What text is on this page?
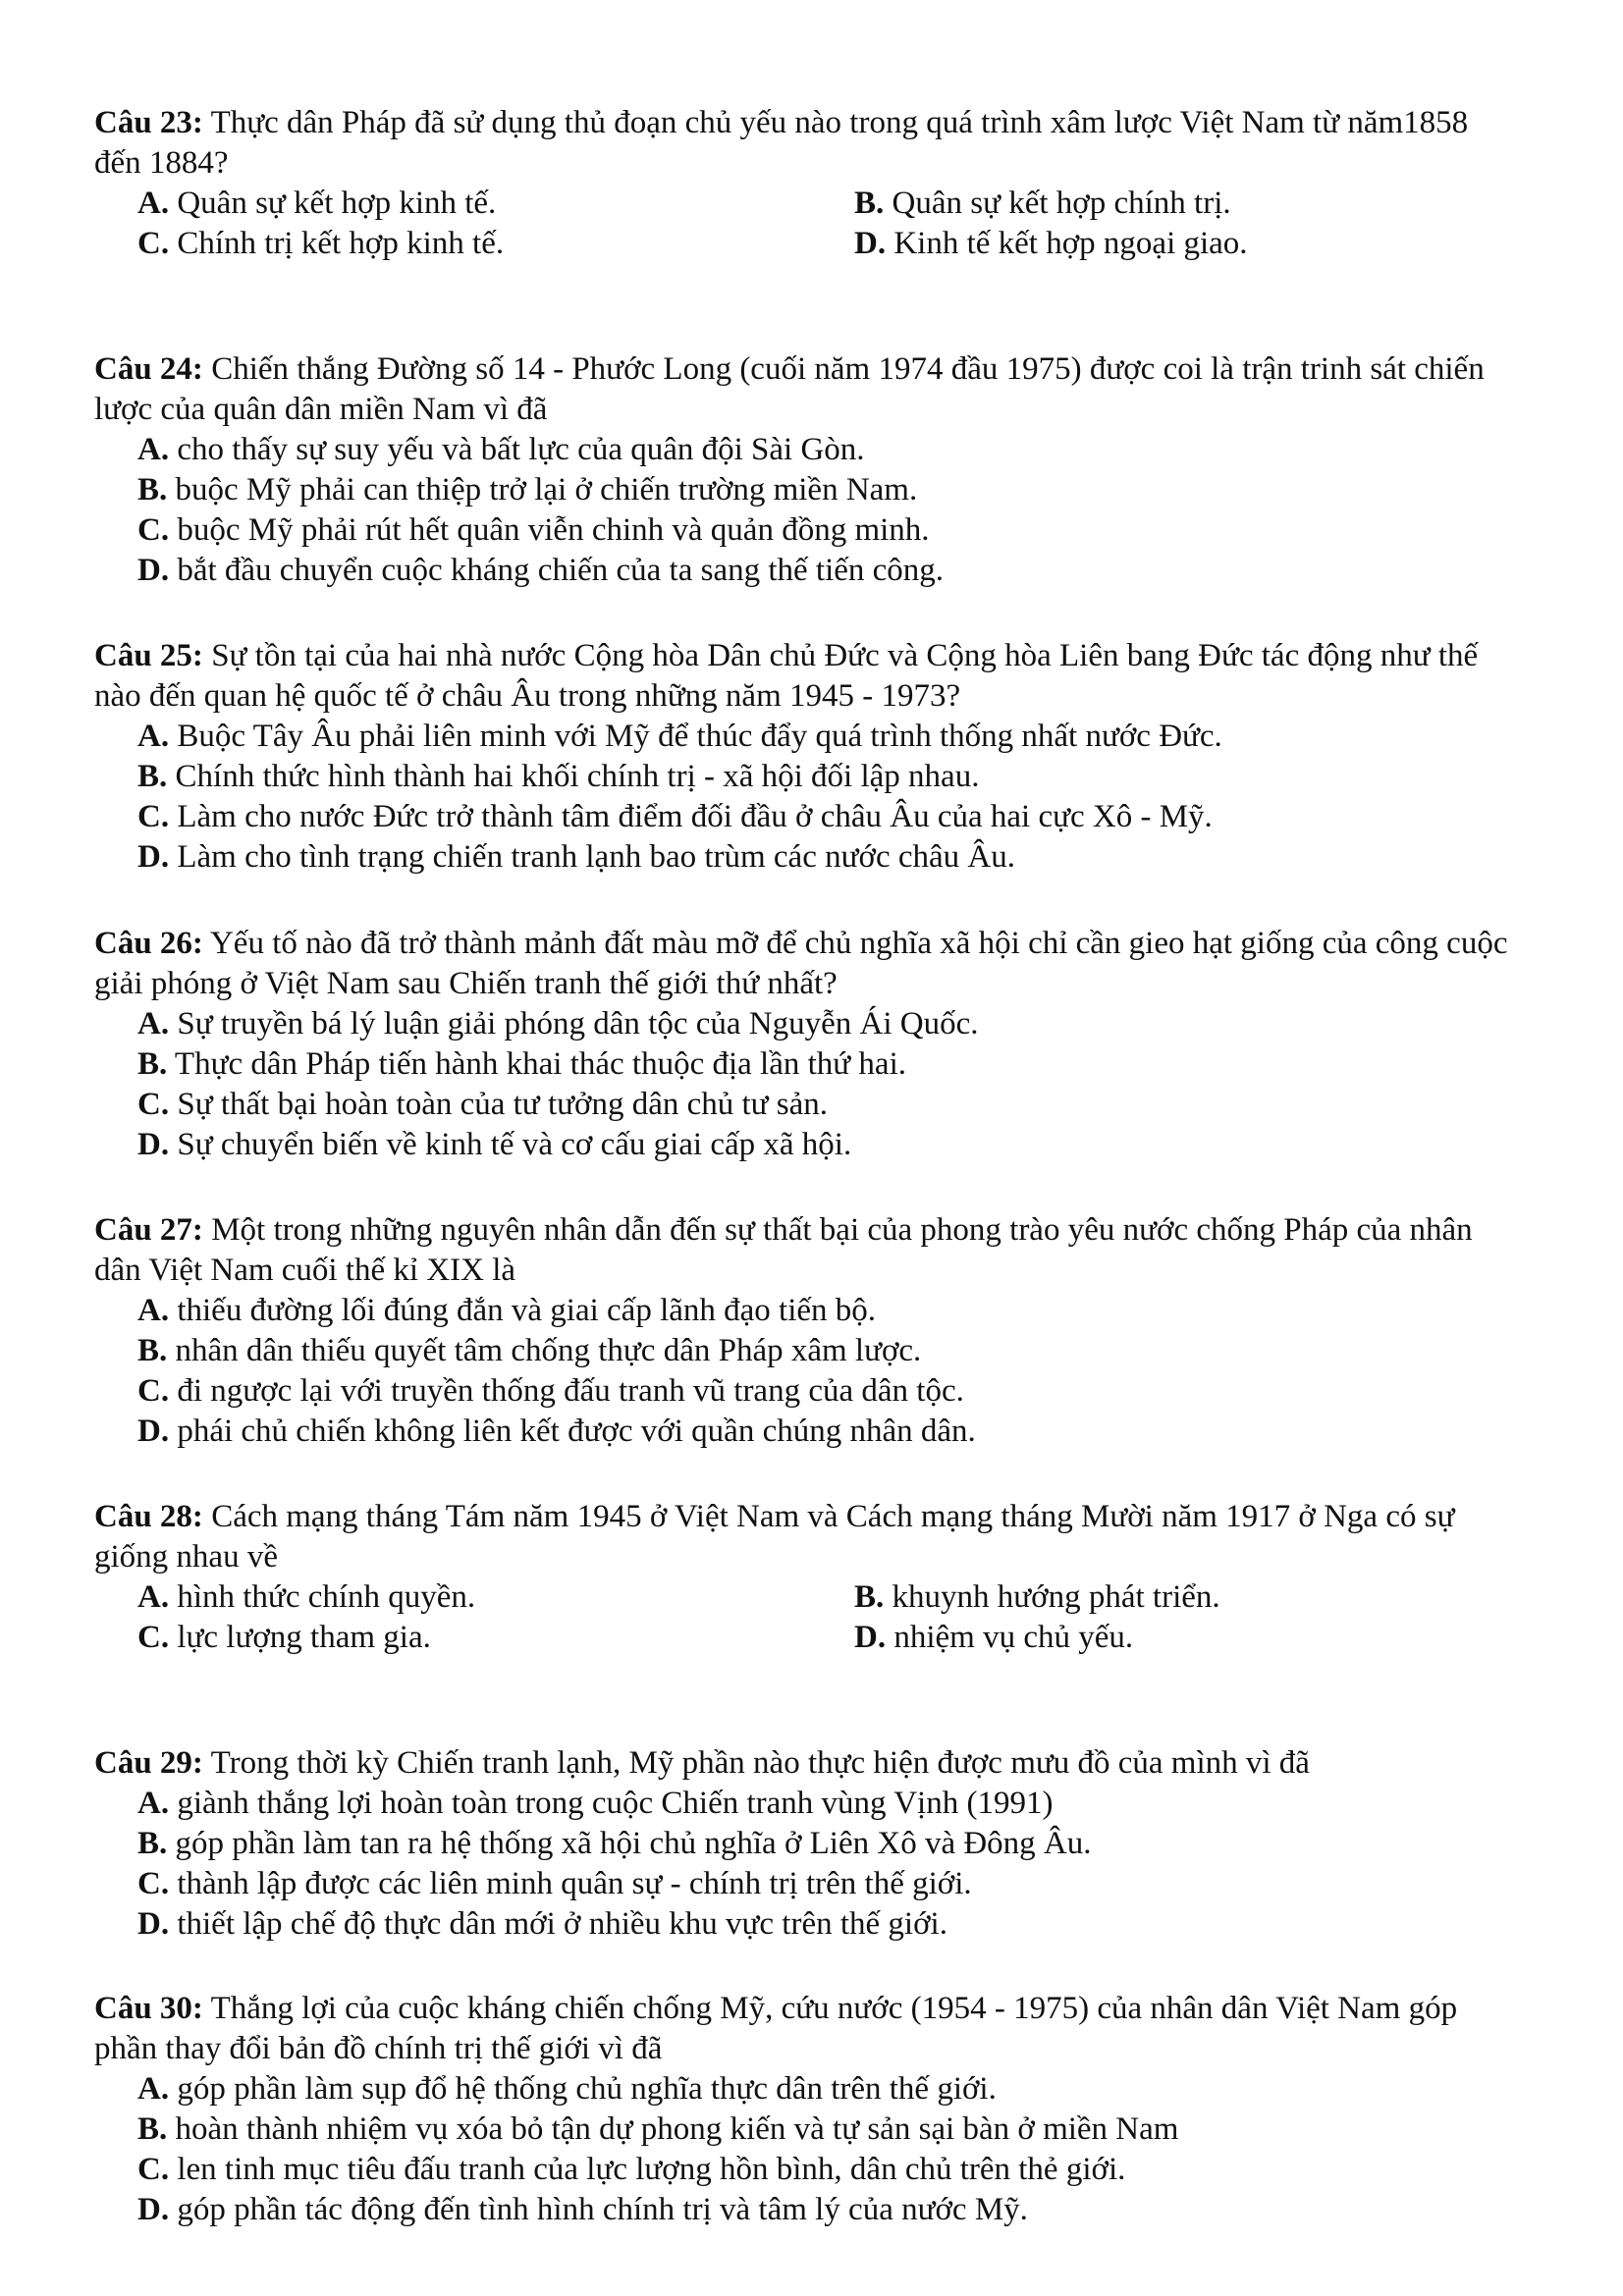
Câu 23: Thực dân Pháp đã sử dụng thủ đoạn chủ yếu nào trong quá trình xâm lược Việt Nam từ năm1858 đến 1884?

A. Quân sự kết hợp kinh tế.	B. Quân sự kết hợp chính trị.
C. Chính trị kết hợp kinh tế.	D. Kinh tế kết hợp ngoại giao.

Câu 24: Chiến thắng Đường số 14 - Phước Long (cuối năm 1974 đầu 1975) được coi là trận trinh sát chiến lược của quân dân miền Nam vì đã

A. cho thấy sự suy yếu và bất lực của quân đội Sài Gòn.
B. buộc Mỹ phải can thiệp trở lại ở chiến trường miền Nam.
C. buộc Mỹ phải rút hết quân viễn chinh và quản đồng minh.
D. bắt đầu chuyển cuộc kháng chiến của ta sang thế tiến công.

Câu 25: Sự tồn tại của hai nhà nước Cộng hòa Dân chủ Đức và Cộng hòa Liên bang Đức tác động như thế nào đến quan hệ quốc tế ở châu Âu trong những năm 1945 - 1973?

A. Buộc Tây Âu phải liên minh với Mỹ để thúc đẩy quá trình thống nhất nước Đức.
B. Chính thức hình thành hai khối chính trị - xã hội đối lập nhau.
C. Làm cho nước Đức trở thành tâm điểm đối đầu ở châu Âu của hai cực Xô - Mỹ.
D. Làm cho tình trạng chiến tranh lạnh bao trùm các nước châu Âu.

Câu 26: Yếu tố nào đã trở thành mảnh đất màu mỡ để chủ nghĩa xã hội chỉ cần gieo hạt giống của công cuộc giải phóng ở Việt Nam sau Chiến tranh thế giới thứ nhất?

A. Sự truyền bá lý luận giải phóng dân tộc của Nguyễn Ái Quốc.
B. Thực dân Pháp tiến hành khai thác thuộc địa lần thứ hai.
C. Sự thất bại hoàn toàn của tư tưởng dân chủ tư sản.
D. Sự chuyển biến về kinh tế và cơ cấu giai cấp xã hội.

Câu 27: Một trong những nguyên nhân dẫn đến sự thất bại của phong trào yêu nước chống Pháp của nhân dân Việt Nam cuối thế kỉ XIX là

A. thiếu đường lối đúng đắn và giai cấp lãnh đạo tiến bộ.
B. nhân dân thiếu quyết tâm chống thực dân Pháp xâm lược.
C. đi ngược lại với truyền thống đấu tranh vũ trang của dân tộc.
D. phái chủ chiến không liên kết được với quần chúng nhân dân.

Câu 28: Cách mạng tháng Tám năm 1945 ở Việt Nam và Cách mạng tháng Mười năm 1917 ở Nga có sự giống nhau về

A. hình thức chính quyền.	B. khuynh hướng phát triển.
C. lực lượng tham gia.	D. nhiệm vụ chủ yếu.

Câu 29: Trong thời kỳ Chiến tranh lạnh, Mỹ phần nào thực hiện được mưu đồ của mình vì đã

A. giành thắng lợi hoàn toàn trong cuộc Chiến tranh vùng Vịnh (1991)
B. góp phần làm tan ra hệ thống xã hội chủ nghĩa ở Liên Xô và Đông Âu.
C. thành lập được các liên minh quân sự - chính trị trên thế giới.
D. thiết lập chế độ thực dân mới ở nhiều khu vực trên thế giới.

Câu 30: Thắng lợi của cuộc kháng chiến chống Mỹ, cứu nước (1954 - 1975) của nhân dân Việt Nam góp phần thay đổi bản đồ chính trị thế giới vì đã

A. góp phần làm sụp đổ hệ thống chủ nghĩa thực dân trên thế giới.
B. hoàn thành nhiệm vụ xóa bỏ tận dự phong kiến và tự sản sại bàn ở miền Nam
C. len tinh mục tiêu đấu tranh của lực lượng hồn bình, dân chủ trên thẻ giới.
D. góp phần tác động đến tình hình chính trị và tâm lý của nước Mỹ.
